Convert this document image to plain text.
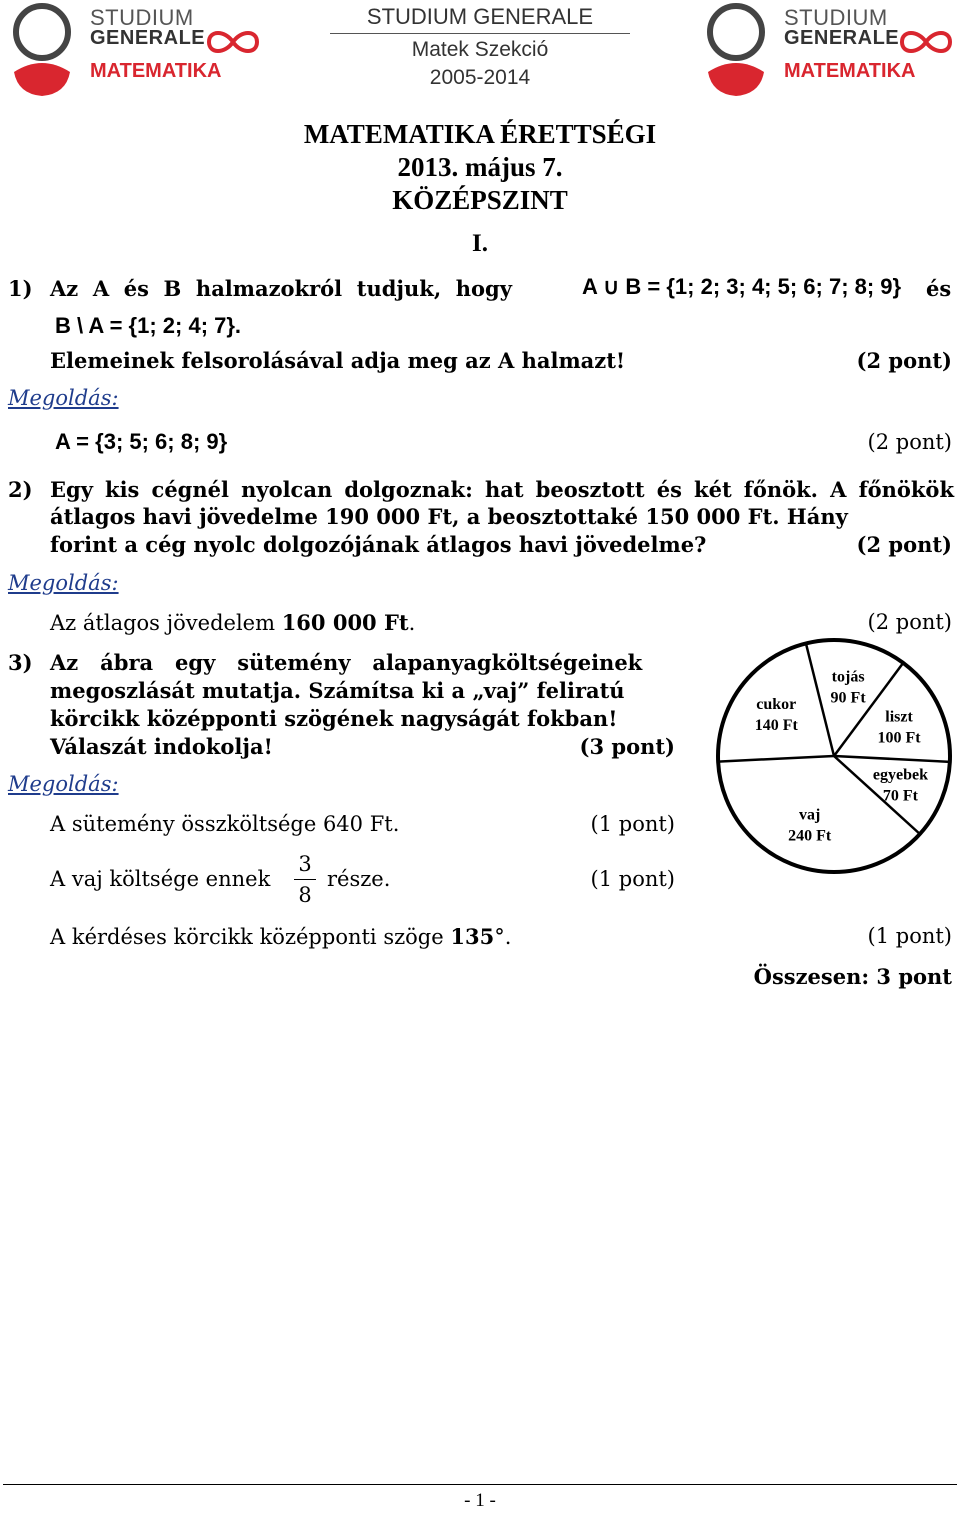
STUDIUM
GENERALE
MATEMATIKA
STUDIUM GENERALE
Matek Szekció
2005-2014
STUDIUM
GENERALE
MATEMATIKA
MATEMATIKA ÉRETTSÉGI
2013. május 7.
KÖZÉPSZINT
I.
1) Az  A  és  B  halmazokról  tudjuk,  hogy	A ∪ B = {1; 2; 3; 4; 5; 6; 7; 8; 9} és
B \ A = {1; 2; 4; 7}.
Elemeinek felsorolásával adja meg az A halmazt!	(2 pont)
Megoldás:
A = {3; 5; 6; 8; 9}	(2 pont)
2) Egy kis cégnél nyolcan dolgoznak: hat beosztott és két főnök. A főnökök
átlagos havi jövedelme 190 000 Ft, a beosztottaké 150 000 Ft. Hány
forint a cég nyolc dolgozójának átlagos havi jövedelme?	(2 pont)
Megoldás:
Az átlagos jövedelem 160 000 Ft.	(2 pont)
3) Az   ábra   egy   sütemény   alapanyagköltségeinek
megoszlását mutatja. Számítsa ki a „vaj” feliratú
körcikk középponti szögének nagyságát fokban!
Válaszát indokolja!	(3 pont)
tojás
90 Ft
liszt
100 Ft
egyebek
70 Ft
vaj
240 Ft
cukor
140 Ft
Megoldás:
A sütemény összköltsége 640 Ft.	(1 pont)
A vaj költsége ennek
3
8
része.	(1 pont)
A kérdéses körcikk középponti szöge 135°.	(1 pont)
Összesen: 3 pont
- 1 -
